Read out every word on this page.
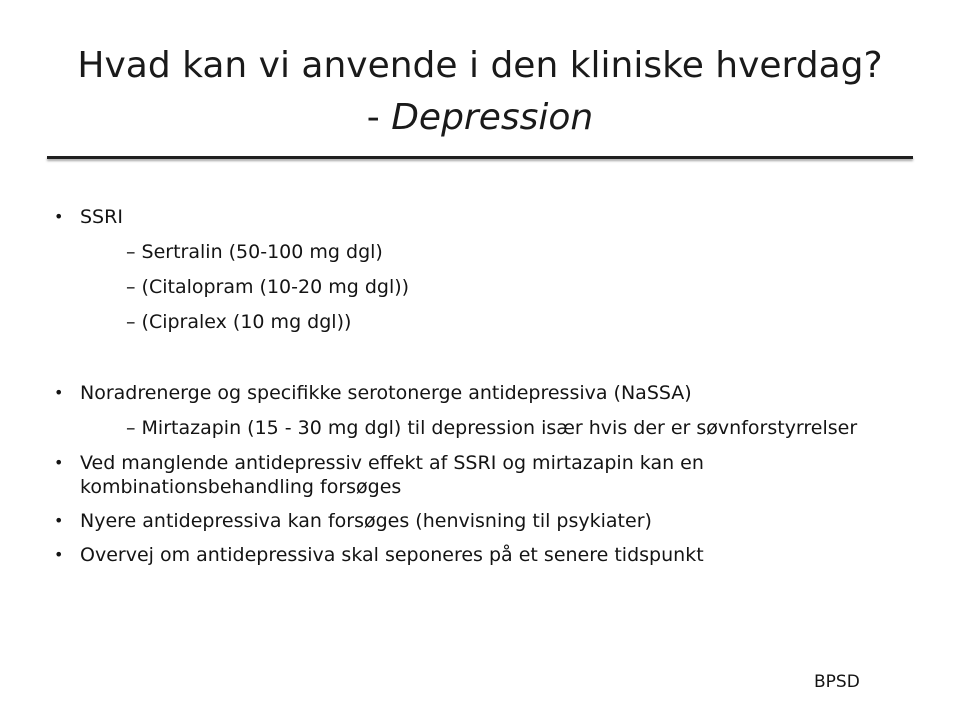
Hvad kan vi anvende i den kliniske hverdag?
- Depression
• SSRI
– Sertralin (50-100 mg dgl)
– (Citalopram (10-20 mg dgl))
– (Cipralex (10 mg dgl))
• Noradrenerge og specifikke serotonerge antidepressiva (NaSSA)
– Mirtazapin (15 - 30 mg dgl) til depression især hvis der er søvnforstyrrelser
• Ved manglende antidepressiv effekt af SSRI og mirtazapin kan en kombinationsbehandling forsøges
• Nyere antidepressiva kan forsøges (henvisning til psykiater)
• Overvej om antidepressiva skal seponeres på et senere tidspunkt
BPSD
